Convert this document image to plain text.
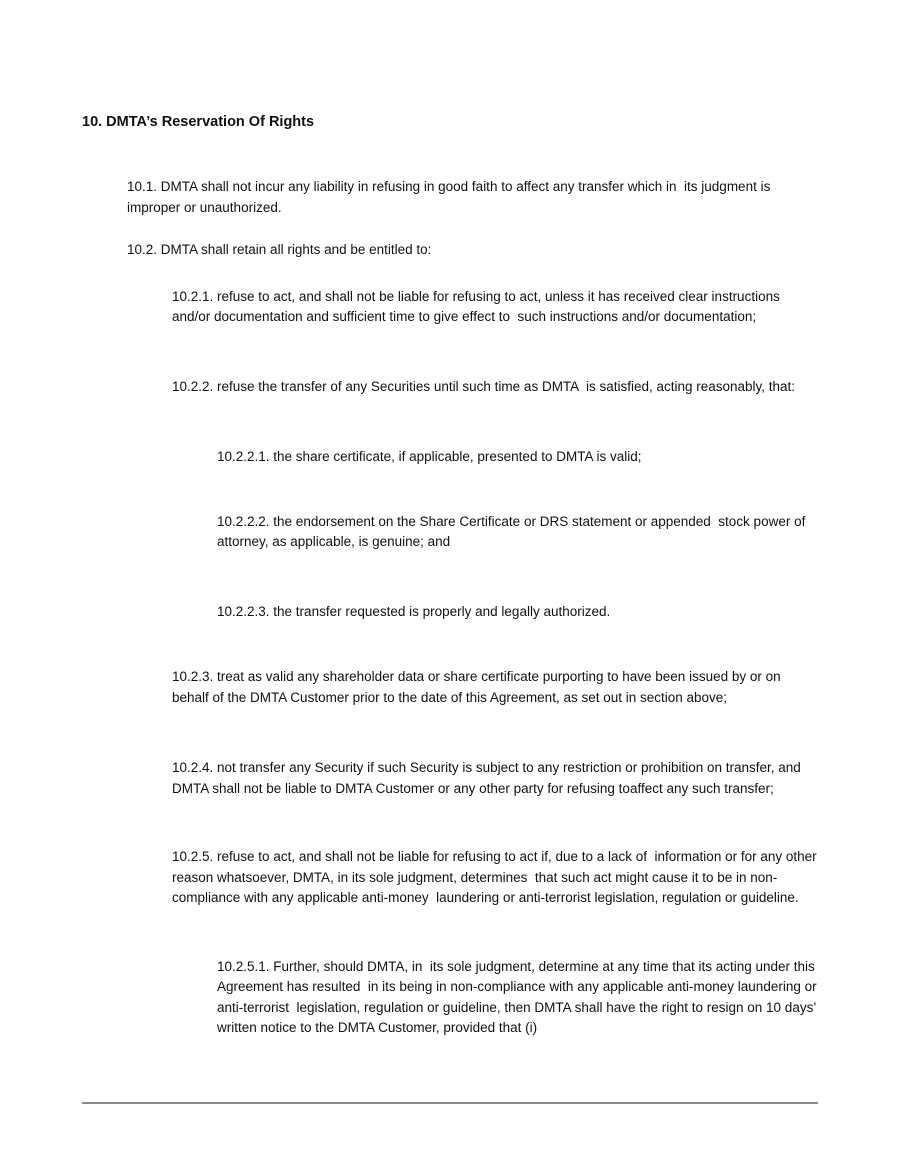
10. DMTA’s Reservation Of Rights

10.1. DMTA shall not incur any liability in refusing in good faith to affect any transfer which in  its judgment is improper or unauthorized.

10.2. DMTA shall retain all rights and be entitled to:

10.2.1. refuse to act, and shall not be liable for refusing to act, unless it has received clear instructions and/or documentation and sufficient time to give effect to  such instructions and/or documentation;

10.2.2. refuse the transfer of any Securities until such time as DMTA  is satisfied, acting reasonably, that:

10.2.2.1. the share certificate, if applicable, presented to DMTA is valid;

10.2.2.2. the endorsement on the Share Certificate or DRS statement or appended  stock power of attorney, as applicable, is genuine; and

10.2.2.3. the transfer requested is properly and legally authorized.

10.2.3. treat as valid any shareholder data or share certificate purporting to have been issued by or on  behalf of the DMTA Customer prior to the date of this Agreement, as set out in section above;

10.2.4. not transfer any Security if such Security is subject to any restriction or prohibition on transfer, and DMTA shall not be liable to DMTA Customer or any other party for refusing toaffect any such transfer;

10.2.5. refuse to act, and shall not be liable for refusing to act if, due to a lack of  information or for any other reason whatsoever, DMTA, in its sole judgment, determines  that such act might cause it to be in non-compliance with any applicable anti-money  laundering or anti-terrorist legislation, regulation or guideline.

10.2.5.1. Further, should DMTA, in  its sole judgment, determine at any time that its acting under this Agreement has resulted  in its being in non-compliance with any applicable anti-money laundering or anti-terrorist  legislation, regulation or guideline, then DMTA shall have the right to resign on 10 days’  written notice to the DMTA Customer, provided that (i)
